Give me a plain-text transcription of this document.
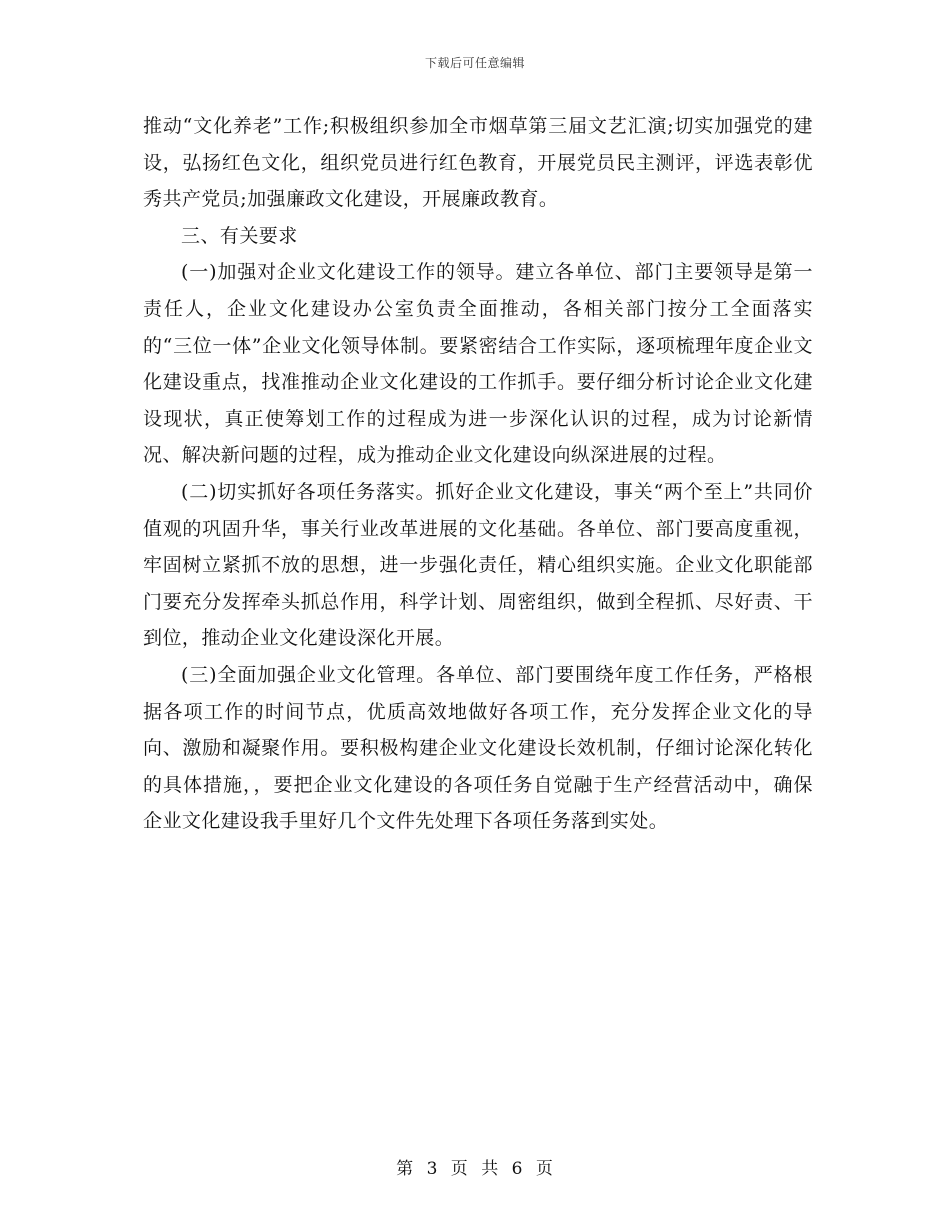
下载后可任意编辑

推动“文化养老”工作;积极组织参加全市烟草第三届文艺汇演;切实加强党的建设，弘扬红色文化，组织党员进行红色教育，开展党员民主测评，评选表彰优秀共产党员;加强廉政文化建设，开展廉政教育。

三、有关要求

(一)加强对企业文化建设工作的领导。建立各单位、部门主要领导是第一责任人，企业文化建设办公室负责全面推动，各相关部门按分工全面落实的“三位一体”企业文化领导体制。要紧密结合工作实际，逐项梳理年度企业文化建设重点，找准推动企业文化建设的工作抓手。要仔细分析讨论企业文化建设现状，真正使筹划工作的过程成为进一步深化认识的过程，成为讨论新情况、解决新问题的过程，成为推动企业文化建设向纵深进展的过程。

(二)切实抓好各项任务落实。抓好企业文化建设，事关“两个至上”共同价值观的巩固升华，事关行业改革进展的文化基础。各单位、部门要高度重视，牢固树立紧抓不放的思想，进一步强化责任，精心组织实施。企业文化职能部门要充分发挥牵头抓总作用，科学计划、周密组织，做到全程抓、尽好责、干到位，推动企业文化建设深化开展。

(三)全面加强企业文化管理。各单位、部门要围绕年度工作任务，严格根据各项工作的时间节点，优质高效地做好各项工作，充分发挥企业文化的导向、激励和凝聚作用。要积极构建企业文化建设长效机制，仔细讨论深化转化的具体措施，，要把企业文化建设的各项任务自觉融于生产经营活动中，确保企业文化建设我手里好几个文件先处理下各项任务落到实处。

第 3 页 共 6 页
